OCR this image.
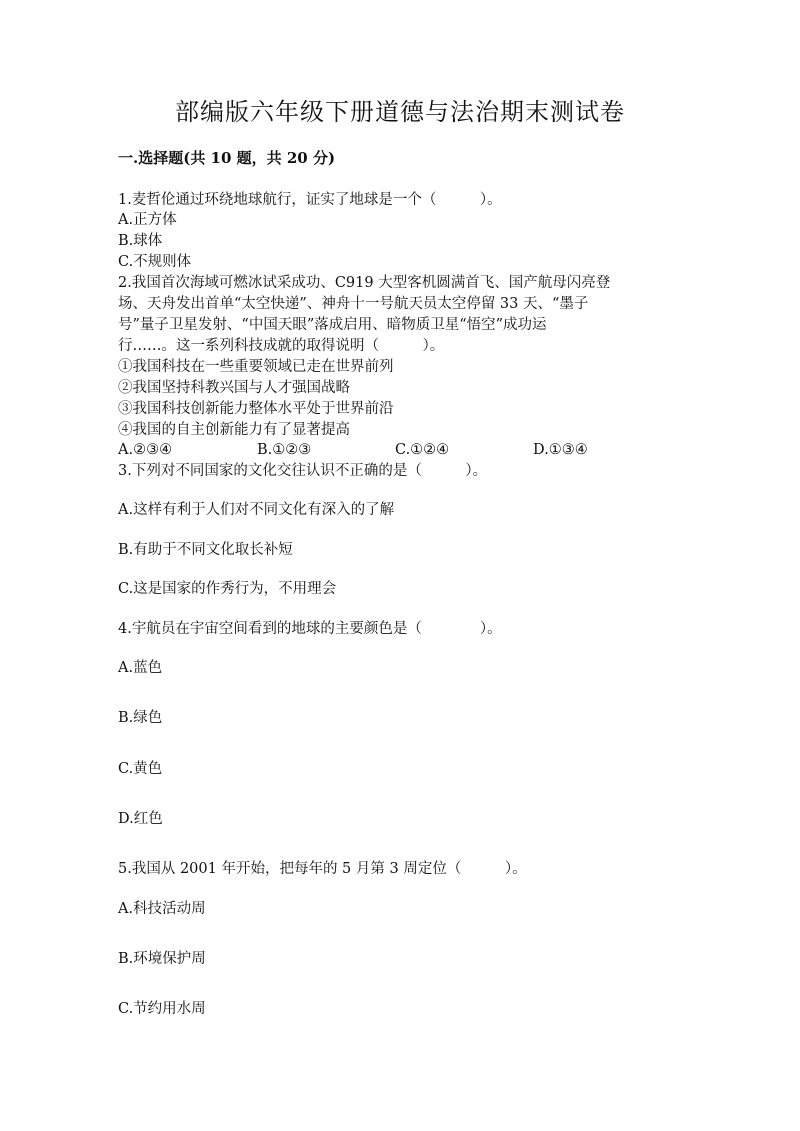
部编版六年级下册道德与法治期末测试卷
一.选择题(共 10 题，共 20 分)
1.麦哲伦通过环绕地球航行，证实了地球是一个（　　　）。
A.正方体
B.球体
C.不规则体
2.我国首次海域可燃冰试采成功、C919 大型客机圆满首飞、国产航母闪亮登
场、天舟发出首单“太空快递”、神舟十一号航天员太空停留 33 天、“墨子
号”量子卫星发射、“中国天眼”落成启用、暗物质卫星“悟空”成功运
行……。这一系列科技成就的取得说明（　　　）。
①我国科技在一些重要领域已走在世界前列
②我国坚持科教兴国与人才强国战略
③我国科技创新能力整体水平处于世界前沿
④我国的自主创新能力有了显著提高
A.②③④	B.①②③	C.①②④	D.①③④
3.下列对不同国家的文化交往认识不正确的是（　　　）。
A.这样有利于人们对不同文化有深入的了解
B.有助于不同文化取长补短
C.这是国家的作秀行为，不用理会
4.宇航员在宇宙空间看到的地球的主要颜色是（　　　　）。
A.蓝色
B.绿色
C.黄色
D.红色
5.我国从 2001 年开始，把每年的 5 月第 3 周定位（　　　）。
A.科技活动周
B.环境保护周
C.节约用水周
